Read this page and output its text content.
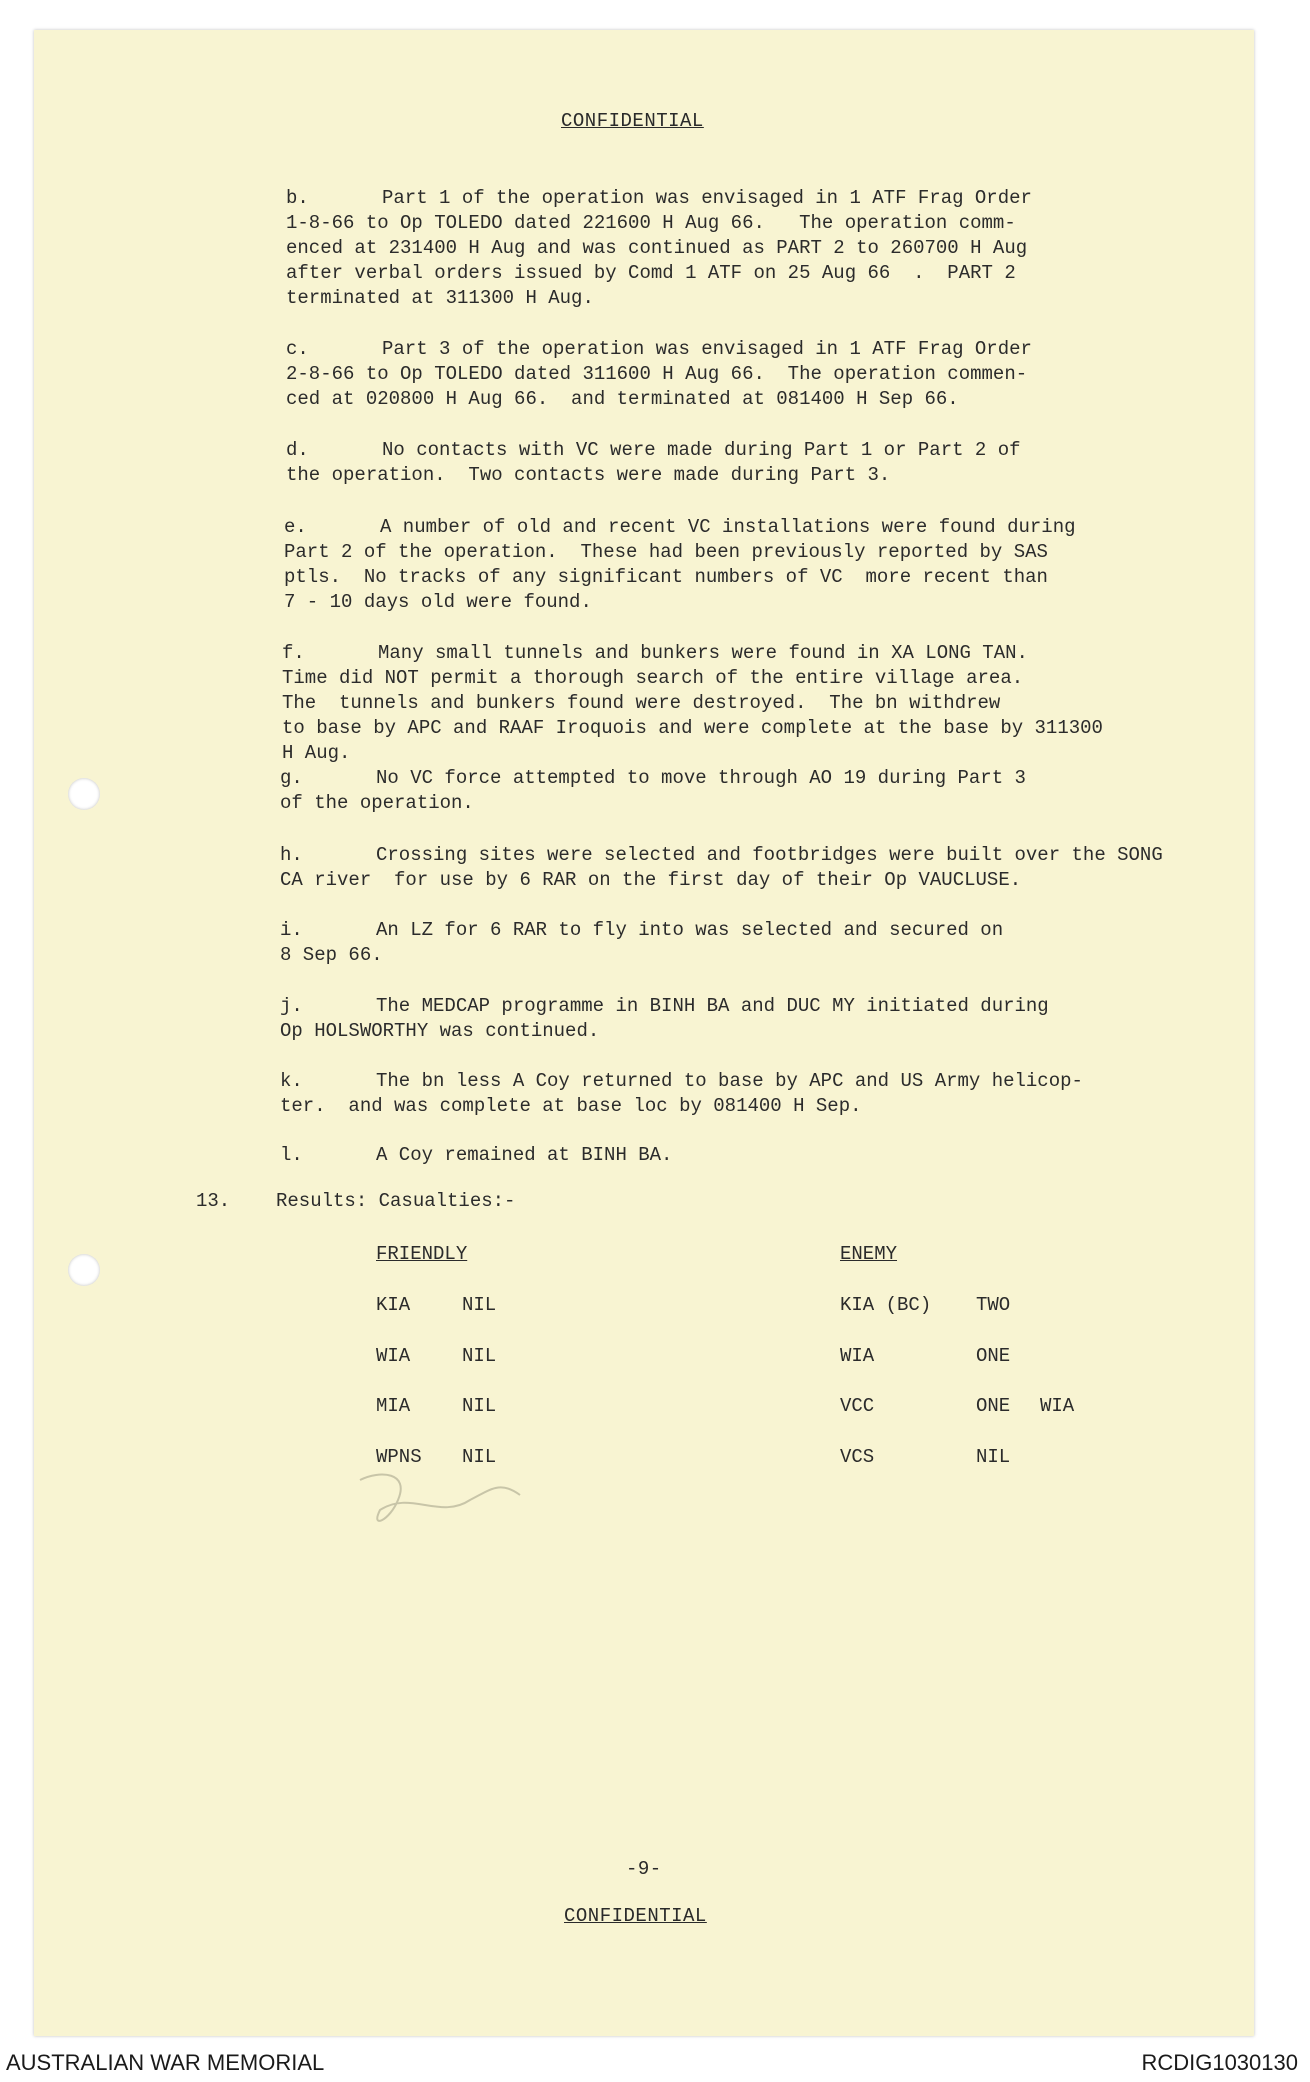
CONFIDENTIAL
b.	Part 1 of the operation was envisaged in 1 ATF Frag Order
1-8-66 to Op TOLEDO dated 221600 H Aug 66.   The operation comm-
enced at 231400 H Aug and was continued as PART 2 to 260700 H Aug
after verbal orders issued by Comd 1 ATF on 25 Aug 66  .  PART 2
terminated at 311300 H Aug.
c.	Part 3 of the operation was envisaged in 1 ATF Frag Order
2-8-66 to Op TOLEDO dated 311600 H Aug 66.  The operation commen-
ced at 020800 H Aug 66.  and terminated at 081400 H Sep 66.
d.	No contacts with VC were made during Part 1 or Part 2 of
the operation.  Two contacts were made during Part 3.
e.	A number of old and recent VC installations were found during
Part 2 of the operation.  These had been previously reported by SAS
ptls.  No tracks of any significant numbers of VC  more recent than
7 - 10 days old were found.
f.	Many small tunnels and bunkers were found in XA LONG TAN.
Time did NOT permit a thorough search of the entire village area.
The  tunnels and bunkers found were destroyed.  The bn withdrew
to base by APC and RAAF Iroquois and were complete at the base by 311300
H Aug.
g.	No VC force attempted to move through AO 19 during Part 3
of the operation.
h.	Crossing sites were selected and footbridges were built over the SONG
CA river  for use by 6 RAR on the first day of their Op VAUCLUSE.
i.	An LZ for 6 RAR to fly into was selected and secured on
8 Sep 66.
j.	The MEDCAP programme in BINH BA and DUC MY initiated during
Op HOLSWORTHY was continued.
k.	The bn less A Coy returned to base by APC and US Army helicop-
ter.  and was complete at base loc by 081400 H Sep.
l.	A Coy remained at BINH BA.
13. Results: Casualties:-
FRIENDLY	ENEMY
KIA	NIL	KIA (BC) TWO
WIA	NIL	WIA	ONE
MIA	NIL	VCC	ONE WIA
WPNS NIL	VCS	NIL
-9-
CONFIDENTIAL
AUSTRALIAN WAR MEMORIAL	RCDIG1030130
